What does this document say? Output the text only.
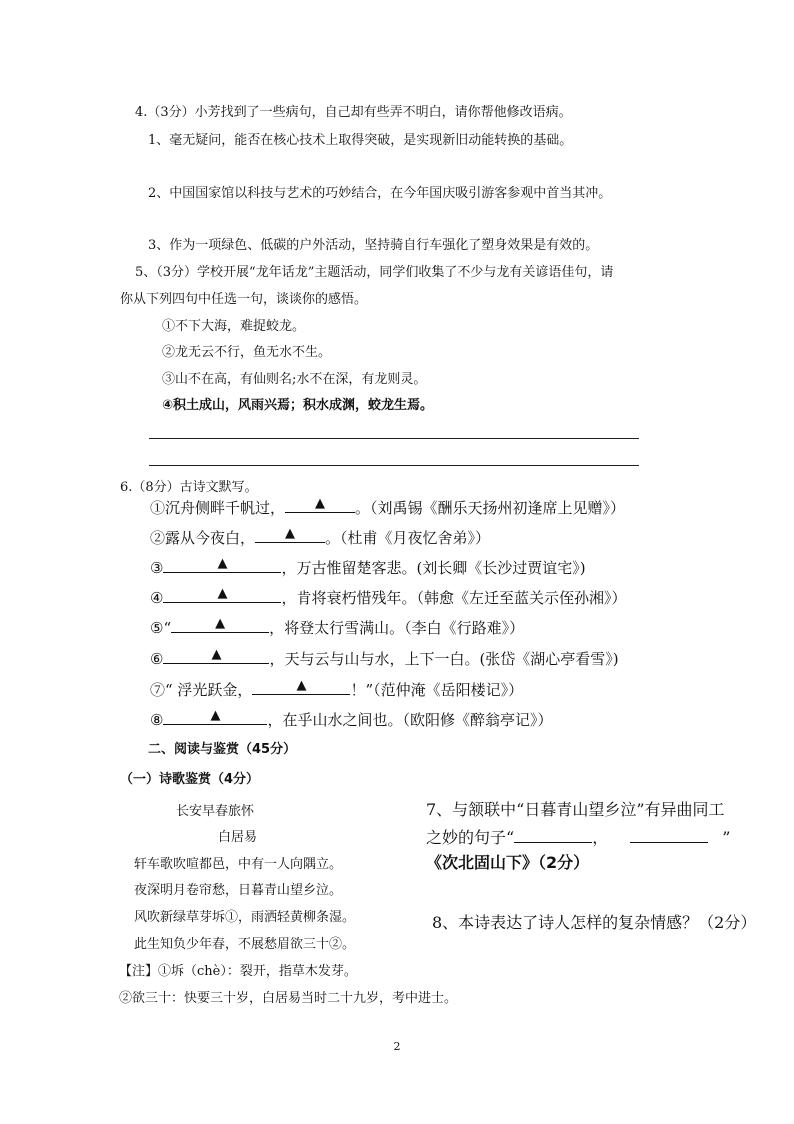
4.（3分）小芳找到了一些病句，自己却有些弄不明白，请你帮他修改语病。
1、毫无疑问，能否在核心技术上取得突破，是实现新旧动能转换的基础。
2、中国国家馆以科技与艺术的巧妙结合，在今年国庆吸引游客参观中首当其冲。
3、作为一项绿色、低碳的户外活动，坚持骑自行车强化了塑身效果是有效的。
5、（3分）学校开展“龙年话龙”主题活动，同学们收集了不少与龙有关谚语佳句，请
你从下列四句中任选一句，谈谈你的感悟。
①不下大海，难捉蛟龙。
②龙无云不行，鱼无水不生。
③山不在高，有仙则名;水不在深，有龙则灵。
④积土成山，风雨兴焉；积水成渊，蛟龙生焉。
6.（8分）古诗文默写。
①沉舟侧畔千帆过， ▲ 。（刘禹锡《酬乐天扬州初逢席上见赠》）
②露从今夜白， ▲ 。（杜甫《月夜忆舍弟》）
③	▲	，万古惟留楚客悲。(刘长卿《长沙过贾谊宅》)
④	▲	，肯将衰朽惜残年。（韩愈《左迁至蓝关示侄孙湘》）
⑤“	▲	，将登太行雪满山。（李白《行路难》）
⑥	▲	，天与云与山与水，上下一白。(张岱《湖心亭看雪》)
⑦“ 浮光跃金，	▲	！”（范仲淹《岳阳楼记》）
⑧	▲	，在乎山水之间也。（欧阳修《醉翁亭记》）
二、阅读与鉴赏（45分）
（一）诗歌鉴赏（4分）
长安早春旅怀
白居易
轩车歌吹喧都邑，中有一人向隅立。
夜深明月卷帘愁，日暮青山望乡泣。
风吹新绿草芽坼①，雨洒轻黄柳条湿。
此生知负少年春，不展愁眉欲三十②。
【注】①坼（chè）：裂开，指草木发芽。
②欲三十：快要三十岁，白居易当时二十九岁，考中进士。
7、与颔联中“日暮青山望乡泣”有异曲同工
之妙的句子“	，	”
《次北固山下》（2分）
8、本诗表达了诗人怎样的复杂情感？（2分）
2
